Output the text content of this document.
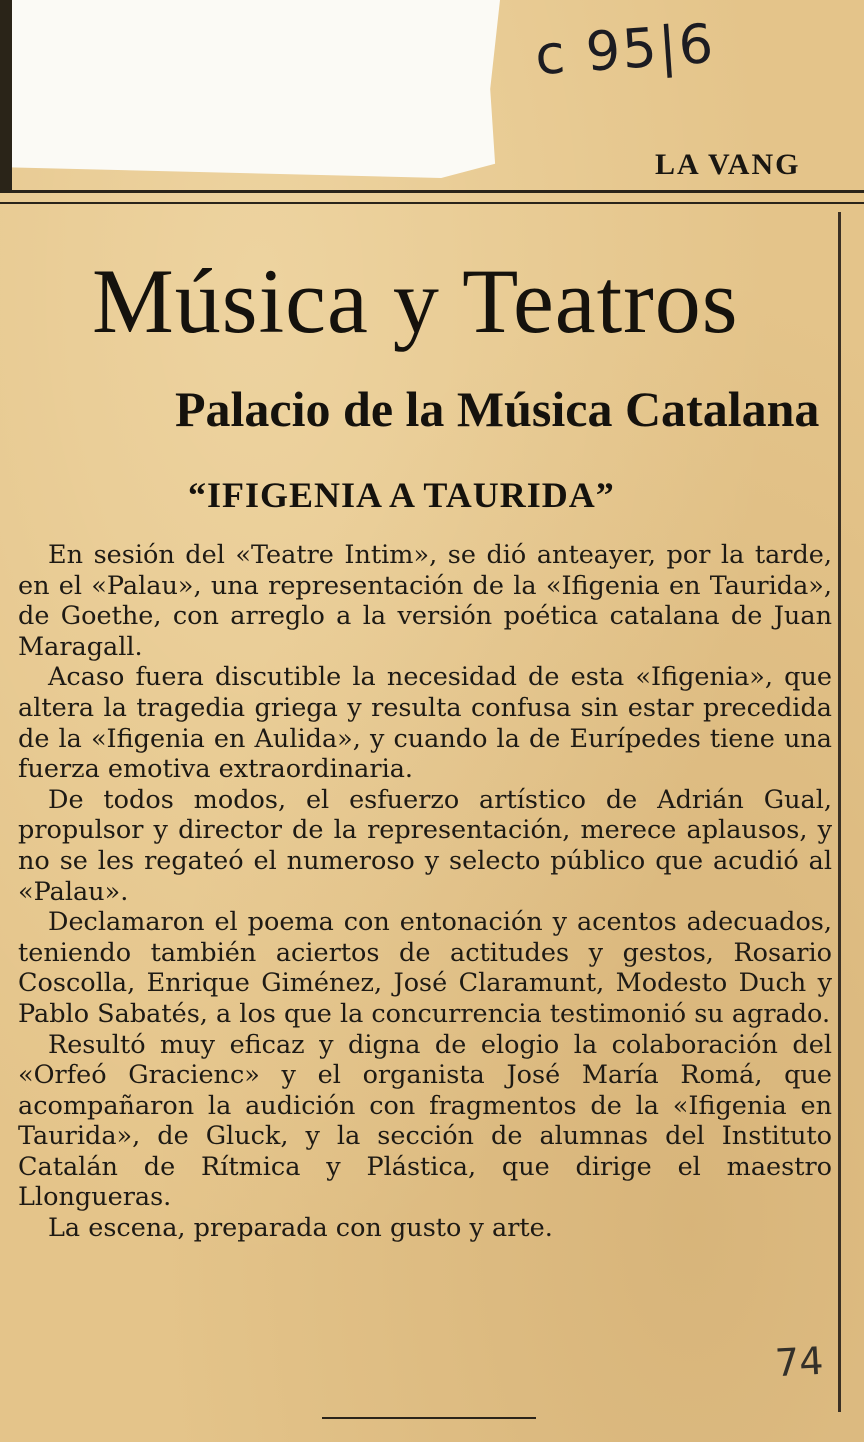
c 95|6
LA VANG
Música y Teatros
Palacio de la Música Catalana
“IFIGENIA A TAURIDA”

En sesión del «Teatre Intim», se dió anteayer, por la tarde, en el «Palau», una representación de la «Ifigenia en Taurida», de Goethe, con arreglo a la versión poética catalana de Juan Maragall.

Acaso fuera discutible la necesidad de esta «Ifigenia», que altera la tragedia griega y resulta confusa sin estar precedida de la «Ifigenia en Aulida», y cuando la de Eurípedes tiene una fuerza emotiva extraordinaria.

De todos modos, el esfuerzo artístico de Adrián Gual, propulsor y director de la representación, merece aplausos, y no se les regateó el numeroso y selecto público que acudió al «Palau».

Declamaron el poema con entonación y acentos adecuados, teniendo también aciertos de actitudes y gestos, Rosario Coscolla, Enrique Giménez, José Claramunt, Modesto Duch y Pablo Sabatés, a los que la concurrencia testimonió su agrado.

Resultó muy eficaz y digna de elogio la colaboración del «Orfeó Gracienc» y el organista José María Romá, que acompañaron la audición con fragmentos de la «Ifigenia en Taurida», de Gluck, y la sección de alumnas del Instituto Catalán de Rítmica y Plástica, que dirige el maestro Llongueras.

La escena, preparada con gusto y arte.

74
